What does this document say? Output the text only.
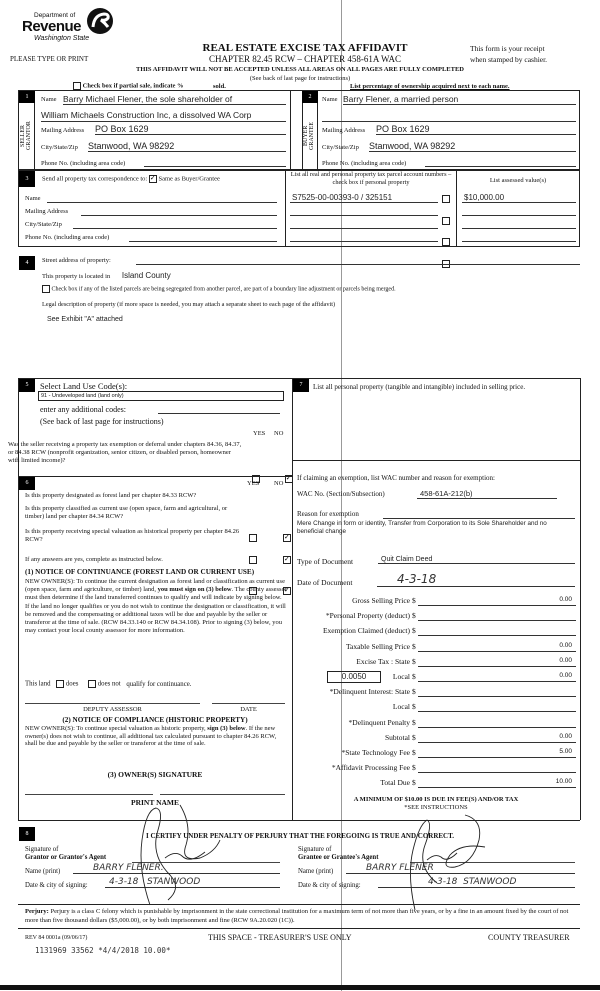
Department of
Revenue
Washington State
PLEASE TYPE OR PRINT
REAL ESTATE EXCISE TAX AFFIDAVIT
CHAPTER 82.45 RCW – CHAPTER 458-61A WAC
This form is your receipt
when stamped by cashier.
THIS AFFIDAVIT WILL NOT BE ACCEPTED UNLESS ALL AREAS ON ALL PAGES ARE FULLY COMPLETED
(See back of last page for instructions)
Check box if partial sale, indicate %	sold.	List percentage of ownership acquired next to each name.
1
SELLER GRANTOR
Name Barry Michael Flener, the sole shareholder of
William Michaels Construction Inc, a dissolved WA Corp
Mailing Address PO Box 1629
City/State/Zip Stanwood, WA 98292
Phone No. (including area code)
2
BUYER GRANTEE
Name Barry Flener, a married person
Mailing Address PO Box 1629
City/State/Zip Stanwood, WA 98292
Phone No. (including area code)
3	Send all property tax correspondence to: ✓ Same as Buyer/Grantee
Name
Mailing Address
City/State/Zip
Phone No. (including area code)
List all real and personal property tax parcel account numbers – check box if personal property	List assessed value(s)
S7525-00-00393-0 / 325151	$10,000.00
4	Street address of property:
This property is located in Island County
Check box if any of the listed parcels are being segregated from another parcel, are part of a boundary line adjustment or parcels being merged.
Legal description of property (if more space is needed, you may attach a separate sheet to each page of the affidavit)
See Exhibit "A" attached
5	Select Land Use Code(s):
91 - Undeveloped land (land only)
enter any additional codes:
(See back of last page for instructions)
YES NO
Was the seller receiving a property tax exemption or deferral under chapters 84.36, 84.37, or 84.38 RCW (nonprofit organization, senior citizen, or disabled person, homeowner with limited income)?
✓
6	YES NO
Is this property designated as forest land per chapter 84.33 RCW?
✓
Is this property classified as current use (open space, farm and agricultural, or timber) land per chapter 84.34 RCW?
✓
Is this property receiving special valuation as historical property per chapter 84.26 RCW?
✓
If any answers are yes, complete as instructed below.
(1) NOTICE OF CONTINUANCE (FOREST LAND OR CURRENT USE)
NEW OWNER(S): To continue the current designation as forest land or classification as current use (open space, farm and agriculture, or timber) land, you must sign on (3) below. The county assessor must then determine if the land transferred continues to qualify and will indicate by signing below. If the land no longer qualifies or you do not wish to continue the designation or classification, it will be removed and the compensating or additional taxes will be due and payable by the seller or transferor at the time of sale. (RCW 84.33.140 or RCW 84.34.108). Prior to signing (3) below, you may contact your local county assessor for more information.
This land does	does not qualify for continuance.
DEPUTY ASSESSOR	DATE
(2) NOTICE OF COMPLIANCE (HISTORIC PROPERTY)
NEW OWNER(S): To continue special valuation as historic property, sign (3) below. If the new owner(s) does not wish to continue, all additional tax calculated pursuant to chapter 84.26 RCW, shall be due and payable by the seller or transferor at the time of sale.
(3) OWNER(S) SIGNATURE
PRINT NAME
7	List all personal property (tangible and intangible) included in selling price.
If claiming an exemption, list WAC number and reason for exemption:
WAC No. (Section/Subsection)	458-61A-212(b)
Reason for exemption
Mere Change in form or identity, Transfer from Corporation to its Sole Shareholder and no beneficial change
Type of Document	Quit Claim Deed
Date of Document	4-3-18
Gross Selling Price $	0.00
*Personal Property (deduct) $
Exemption Claimed (deduct) $
Taxable Selling Price $	0.00
Excise Tax : State $	0.00
Local $	0.00
*Delinquent Interest: State $
Local $
*Delinquent Penalty $
Subtotal $	0.00
*State Technology Fee $	5.00
*Affidavit Processing Fee $
Total Due $	10.00
0.0050
A MINIMUM OF $10.00 IS DUE IN FEE(S) AND/OR TAX
*SEE INSTRUCTIONS
8	I CERTIFY UNDER PENALTY OF PERJURY THAT THE FOREGOING IS TRUE AND CORRECT.
Signature of
Grantor or Grantor's Agent
Name (print)	BARRY FLENER.
Date & city of signing:	4-3-18   STANWOOD
Signature of
Grantee or Grantee's Agent
Name (print)	BARRY FLENER
Date & city of signing:	4-3-18  STANWOOD
Perjury: Perjury is a class C felony which is punishable by imprisonment in the state correctional institution for a maximum term of not more than five years, or by a fine in an amount fixed by the court of not more than five thousand dollars ($5,000.00), or by both imprisonment and fine (RCW 9A.20.020 (1C)).
REV 84 0001a (09/06/17)	THIS SPACE - TREASURER'S USE ONLY	COUNTY TREASURER
1131969 33562 *4/4/2018 10.00*
